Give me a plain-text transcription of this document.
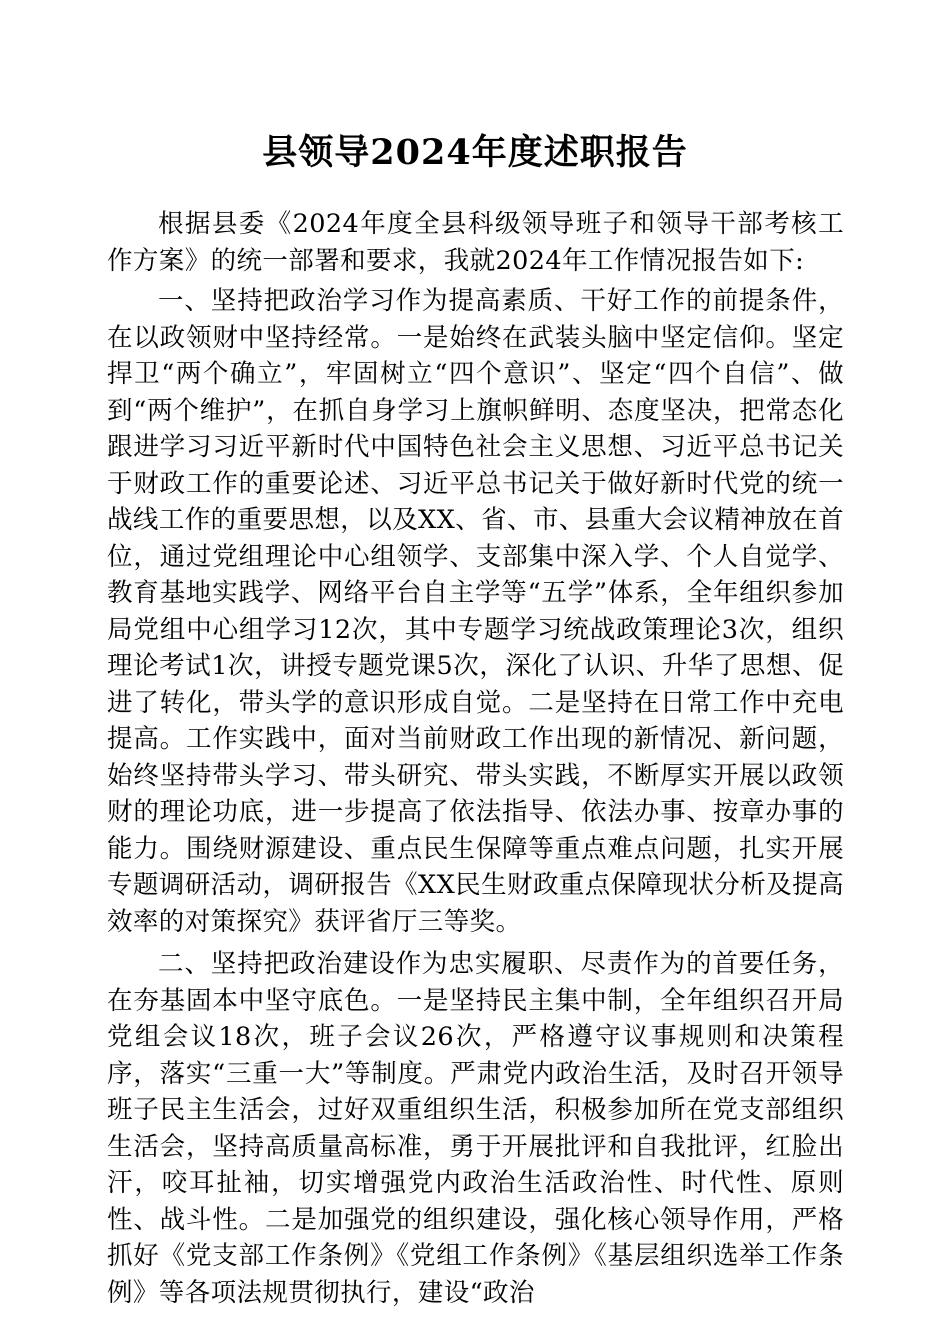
县领导2024年度述职报告

根据县委《2024年度全县科级领导班子和领导干部考核工作方案》的统一部署和要求，我就2024年工作情况报告如下:

一、坚持把政治学习作为提高素质、干好工作的前提条件，在以政领财中坚持经常。一是始终在武装头脑中坚定信仰。坚定捍卫“两个确立”，牢固树立“四个意识”、坚定“四个自信”、做到“两个维护”，在抓自身学习上旗帜鲜明、态度坚决，把常态化跟进学习习近平新时代中国特色社会主义思想、习近平总书记关于财政工作的重要论述、习近平总书记关于做好新时代党的统一战线工作的重要思想，以及XX、省、市、县重大会议精神放在首位，通过党组理论中心组领学、支部集中深入学、个人自觉学、教育基地实践学、网络平台自主学等“五学”体系，全年组织参加局党组中心组学习12次，其中专题学习统战政策理论3次，组织理论考试1次，讲授专题党课5次，深化了认识、升华了思想、促进了转化，带头学的意识形成自觉。二是坚持在日常工作中充电提高。工作实践中，面对当前财政工作出现的新情况、新问题，始终坚持带头学习、带头研究、带头实践，不断厚实开展以政领财的理论功底，进一步提高了依法指导、依法办事、按章办事的能力。围绕财源建设、重点民生保障等重点难点问题，扎实开展专题调研活动，调研报告《XX民生财政重点保障现状分析及提高效率的对策探究》获评省厅三等奖。

二、坚持把政治建设作为忠实履职、尽责作为的首要任务，在夯基固本中坚守底色。一是坚持民主集中制，全年组织召开局党组会议18次，班子会议26次，严格遵守议事规则和决策程序，落实“三重一大”等制度。严肃党内政治生活，及时召开领导班子民主生活会，过好双重组织生活，积极参加所在党支部组织生活会，坚持高质量高标准，勇于开展批评和自我批评，红脸出汗，咬耳扯袖，切实增强党内政治生活政治性、时代性、原则性、战斗性。二是加强党的组织建设，强化核心领导作用，严格抓好《党支部工作条例》《党组工作条例》《基层组织选举工作条例》等各项法规贯彻执行，建设“政治
